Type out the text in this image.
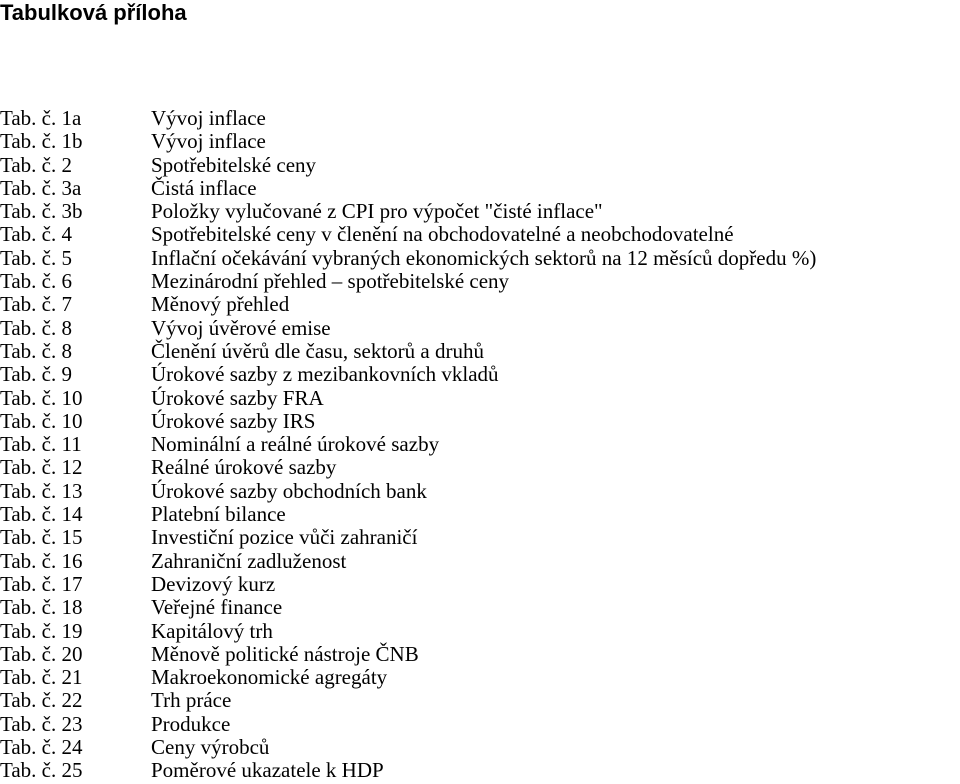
Tabulková příloha
Tab. č. 1a	Vývoj inflace
Tab. č. 1b	Vývoj inflace
Tab. č. 2	Spotřebitelské ceny
Tab. č. 3a	Čistá inflace
Tab. č. 3b	Položky vylučované z CPI pro výpočet "čisté inflace"
Tab. č. 4	Spotřebitelské ceny v členění na obchodovatelné a neobchodovatelné
Tab. č. 5	Inflační očekávání vybraných ekonomických sektorů na 12 měsíců dopředu %)
Tab. č. 6	Mezinárodní přehled – spotřebitelské ceny
Tab. č. 7	Měnový přehled
Tab. č. 8	Vývoj úvěrové emise
Tab. č. 8	Členění úvěrů dle času, sektorů a druhů
Tab. č. 9	Úrokové sazby z mezibankovních vkladů
Tab. č. 10	Úrokové sazby FRA
Tab. č. 10	Úrokové sazby IRS
Tab. č. 11	Nominální a reálné úrokové sazby
Tab. č. 12	Reálné úrokové sazby
Tab. č. 13	Úrokové sazby obchodních bank
Tab. č. 14	Platební bilance
Tab. č. 15	Investiční pozice vůči zahraničí
Tab. č. 16	Zahraniční zadluženost
Tab. č. 17	Devizový kurz
Tab. č. 18	Veřejné finance
Tab. č. 19	Kapitálový trh
Tab. č. 20	Měnově politické nástroje ČNB
Tab. č. 21	Makroekonomické agregáty
Tab. č. 22	Trh práce
Tab. č. 23	Produkce
Tab. č. 24	Ceny výrobců
Tab. č. 25	Poměrové ukazatele k HDP
